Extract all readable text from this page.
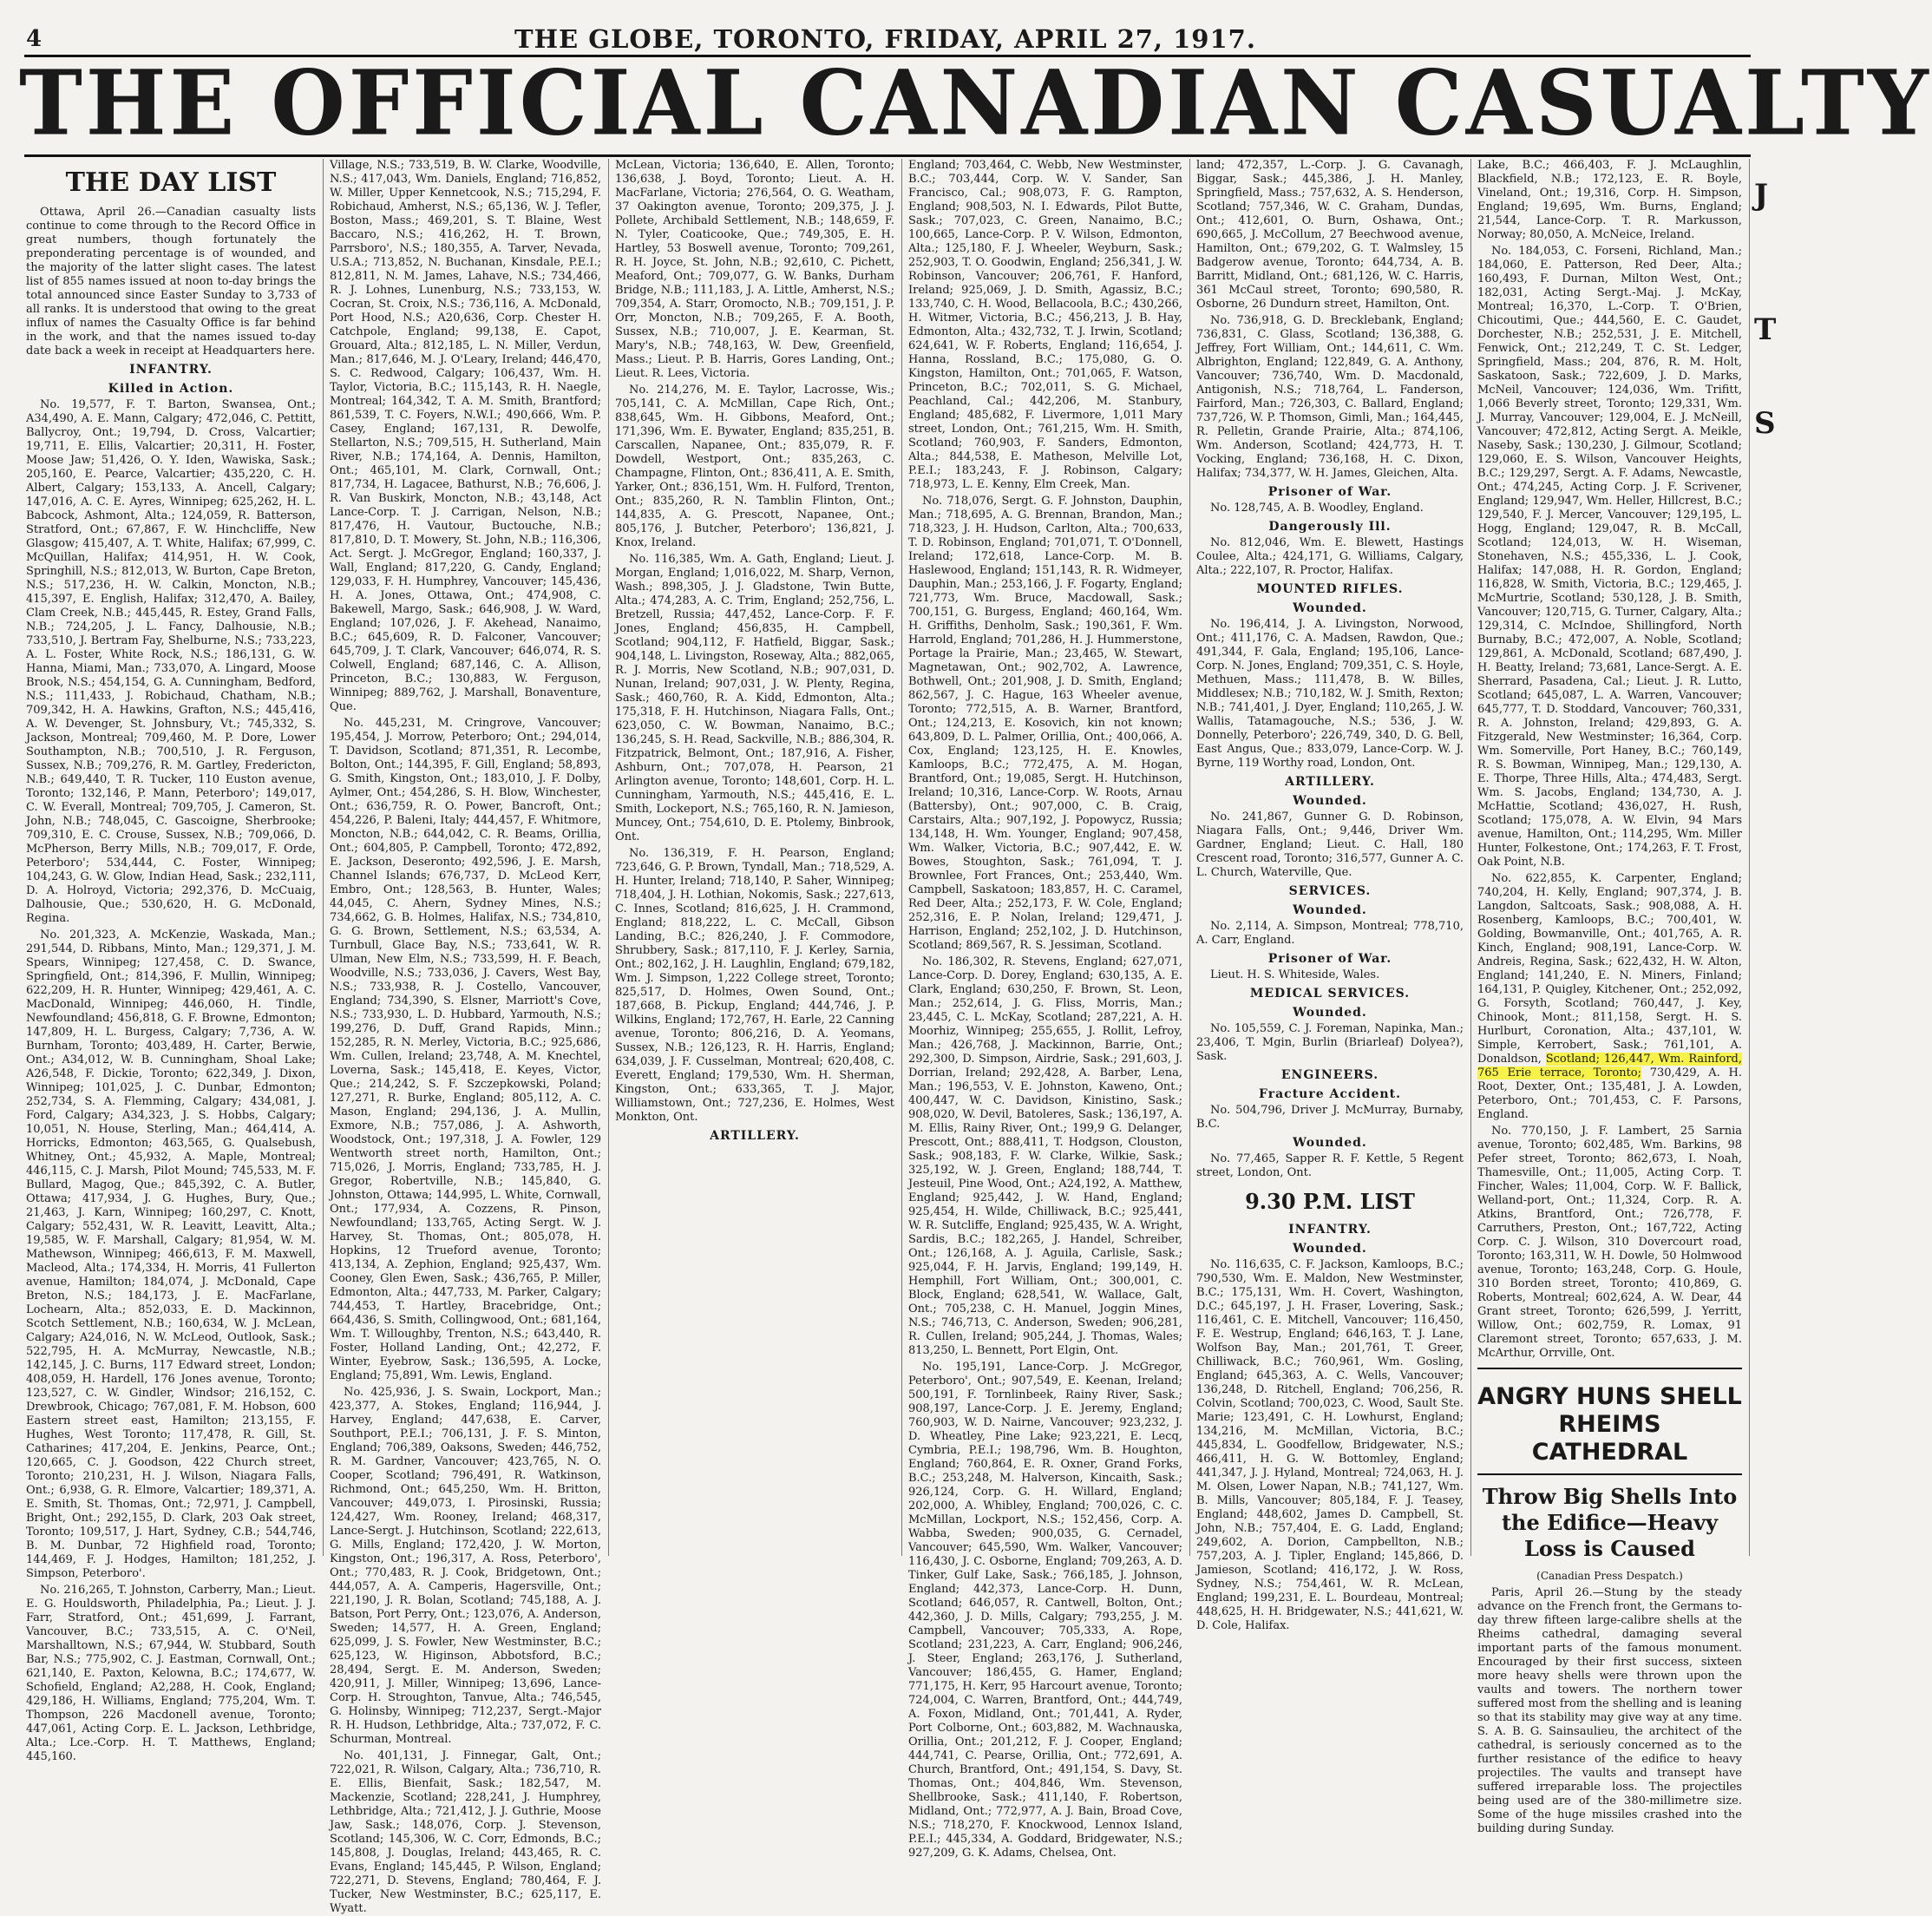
4	THE GLOBE, TORONTO, FRIDAY, APRIL 27, 1917.
THE OFFICIAL CANADIAN CASUALTY
J
T
S
THE DAY LIST

Ottawa, April 26.—Canadian casualty lists continue to come through to the Record Office in great numbers, though fortunately the preponderating percentage is of wounded, and the majority of the latter slight cases. The latest list of 855 names issued at noon to-day brings the total announced since Easter Sunday to 3,733 of all ranks. It is understood that owing to the great influx of names the Casualty Office is far behind in the work, and that the names issued to-day date back a week in receipt at Headquarters here.

INFANTRY.
Killed in Action.

No. 19,577, F. T. Barton, Swansea, Ont.; A34,490, A. E. Mann, Calgary; 472,046, C. Pettitt, Ballycroy, Ont.; 19,794, D. Cross, Valcartier; 19,711, E. Ellis, Valcartier; 20,311, H. Foster, Moose Jaw; 51,426, O. Y. Iden, Wawiska, Sask.; 205,160, E. Pearce, Valcartier; 435,220, C. H. Albert, Calgary; 153,133, A. Ancell, Calgary; 147,016, A. C. E. Ayres, Winnipeg; 625,262, H. L. Babcock, Ashmont, Alta.; 124,059, R. Batterson, Stratford, Ont.; 67,867, F. W. Hinchcliffe, New Glasgow; 415,407, A. T. White, Halifax; 67,999, C. McQuillan, Halifax; 414,951, H. W. Cook, Springhill, N.S.; 812,013, W. Burton, Cape Breton, N.S.; 517,236, H. W. Calkin, Moncton, N.B.; 415,397, E. English, Halifax; 312,470, A. Bailey, Clam Creek, N.B.; 445,445, R. Estey, Grand Falls, N.B.; 724,205, J. L. Fancy, Dalhousie, N.B.; 733,510, J. Bertram Fay, Shelburne, N.S.; 733,223, A. L. Foster, White Rock, N.S.; 186,131, G. W. Hanna, Miami, Man.; 733,070, A. Lingard, Moose Brook, N.S.; 454,154, G. A. Cunningham, Bedford, N.S.; 111,433, J. Robichaud, Chatham, N.B.; 709,342, H. A. Hawkins, Grafton, N.S.; 445,416, A. W. Devenger, St. Johnsbury, Vt.; 745,332, S. Jackson, Montreal; 709,460, M. P. Dore, Lower Southampton, N.B.; 700,510, J. R. Ferguson, Sussex, N.B.; 709,276, R. M. Gartley, Fredericton, N.B.; 649,440, T. R. Tucker, 110 Euston avenue, Toronto; 132,146, P. Mann, Peterboro'; 149,017, C. W. Everall, Montreal; 709,705, J. Cameron, St. John, N.B.; 748,045, C. Gascoigne, Sherbrooke; 709,310, E. C. Crouse, Sussex, N.B.; 709,066, D. McPherson, Berry Mills, N.B.; 709,017, F. Orde, Peterboro'; 534,444, C. Foster, Winnipeg; 104,243, G. W. Glow, Indian Head, Sask.; 232,111, D. A. Holroyd, Victoria; 292,376, D. McCuaig, Dalhousie, Que.; 530,620, H. G. McDonald, Regina.

No. 201,323, A. McKenzie, Waskada, Man.; 291,544, D. Ribbans, Minto, Man.; 129,371, J. M. Spears, Winnipeg; 127,458, C. D. Swance, Springfield, Ont.; 814,396, F. Mullin, Winnipeg; 622,209, H. R. Hunter, Winnipeg; 429,461, A. C. MacDonald, Winnipeg; 446,060, H. Tindle, Newfoundland; 456,818, G. F. Browne, Edmonton; 147,809, H. L. Burgess, Calgary; 7,736, A. W. Burnham, Toronto; 403,489, H. Carter, Berwie, Ont.; A34,012, W. B. Cunningham, Shoal Lake; A26,548, F. Dickie, Toronto; 622,349, J. Dixon, Winnipeg; 101,025, J. C. Dunbar, Edmonton; 252,734, S. A. Flemming, Calgary; 434,081, J. Ford, Calgary; A34,323, J. S. Hobbs, Calgary; 10,051, N. House, Sterling, Man.; 464,414, A. Horricks, Edmonton; 463,565, G. Qualsebush, Whitney, Ont.; 45,932, A. Maple, Montreal; 446,115, C. J. Marsh, Pilot Mound; 745,533, M. F. Bullard, Magog, Que.; 845,392, C. A. Butler, Ottawa; 417,934, J. G. Hughes, Bury, Que.; 21,463, J. Karn, Winnipeg; 160,297, C. Knott, Calgary; 552,431, W. R. Leavitt, Leavitt, Alta.; 19,585, W. F. Marshall, Calgary; 81,954, W. M. Mathewson, Winnipeg; 466,613, F. M. Maxwell, Macleod, Alta.; 174,334, H. Morris, 41 Fullerton avenue, Hamilton; 184,074, J. McDonald, Cape Breton, N.S.; 184,173, J. E. MacFarlane, Lochearn, Alta.; 852,033, E. D. Mackinnon, Scotch Settlement, N.B.; 160,634, W. J. McLean, Calgary; A24,016, N. W. McLeod, Outlook, Sask.; 522,795, H. A. McMurray, Newcastle, N.B.; 142,145, J. C. Burns, 117 Edward street, London; 408,059, H. Hardell, 176 Jones avenue, Toronto; 123,527, C. W. Gindler, Windsor; 216,152, C. Drewbrook, Chicago; 767,081, F. M. Hobson, 600 Eastern street east, Hamilton; 213,155, F. Hughes, West Toronto; 117,478, R. Gill, St. Catharines; 417,204, E. Jenkins, Pearce, Ont.; 120,665, C. J. Goodson, 422 Church street, Toronto; 210,231, H. J. Wilson, Niagara Falls, Ont.; 6,938, G. R. Elmore, Valcartier; 189,371, A. E. Smith, St. Thomas, Ont.; 72,971, J. Campbell, Bright, Ont.; 292,155, D. Clark, 203 Oak street, Toronto; 109,517, J. Hart, Sydney, C.B.; 544,746, B. M. Dunbar, 72 Highfield road, Toronto; 144,469, F. J. Hodges, Hamilton; 181,252, J. Simpson, Peterboro'.

No. 216,265, T. Johnston, Carberry, Man.; Lieut. E. G. Houldsworth, Philadelphia, Pa.; Lieut. J. J. Farr, Stratford, Ont.; 451,699, J. Farrant, Vancouver, B.C.; 733,515, A. C. O'Neil, Marshalltown, N.S.; 67,944, W. Stubbard, South Bar, N.S.; 775,902, C. J. Eastman, Cornwall, Ont.; 621,140, E. Paxton, Kelowna, B.C.; 174,677, W. Schofield, England; A2,288, H. Cook, England; 429,186, H. Williams, England; 775,204, Wm. T. Thompson, 226 Macdonell avenue, Toronto; 447,061, Acting Corp. E. L. Jackson, Lethbridge, Alta.; Lce.-Corp. H. T. Matthews, England; 445,160.

Village, N.S.; 733,519, B. W. Clarke, Woodville, N.S.; 417,043, Wm. Daniels, England; 716,852, W. Miller, Upper Kennetcook, N.S.; 715,294, F. Robichaud, Amherst, N.S.; 65,136, W. J. Tefler, Boston, Mass.; 469,201, S. T. Blaine, West Baccaro, N.S.; 416,262, H. T. Brown, Parrsboro', N.S.; 180,355, A. Tarver, Nevada, U.S.A.; 713,852, N. Buchanan, Kinsdale, P.E.I.; 812,811, N. M. James, Lahave, N.S.; 734,466, R. J. Lohnes, Lunenburg, N.S.; 733,153, W. Cocran, St. Croix, N.S.; 736,116, A. McDonald, Port Hood, N.S.; A20,636, Corp. Chester H. Catchpole, England; 99,138, E. Capot, Grouard, Alta.; 812,185, L. N. Miller, Verdun, Man.; 817,646, M. J. O'Leary, Ireland; 446,470, S. C. Redwood, Calgary; 106,437, Wm. H. Taylor, Victoria, B.C.; 115,143, R. H. Naegle, Montreal; 164,342, T. A. M. Smith, Brantford; 861,539, T. C. Foyers, N.W.I.; 490,666, Wm. P. Casey, England; 167,131, R. Dewolfe, Stellarton, N.S.; 709,515, H. Sutherland, Main River, N.B.; 174,164, A. Dennis, Hamilton, Ont.; 465,101, M. Clark, Cornwall, Ont.; 817,734, H. Lagacee, Bathurst, N.B.; 76,606, J. R. Van Buskirk, Moncton, N.B.; 43,148, Act Lance-Corp. T. J. Carrigan, Nelson, N.B.; 817,476, H. Vautour, Buctouche, N.B.; 817,810, D. T. Mowery, St. John, N.B.; 116,306, Act. Sergt. J. McGregor, England; 160,337, J. Wall, England; 817,220, G. Candy, England; 129,033, F. H. Humphrey, Vancouver; 145,436, H. A. Jones, Ottawa, Ont.; 474,908, C. Bakewell, Margo, Sask.; 646,908, J. W. Ward, England; 107,026, J. F. Akehead, Nanaimo, B.C.; 645,609, R. D. Falconer, Vancouver; 645,709, J. T. Clark, Vancouver; 646,074, R. S. Colwell, England; 687,146, C. A. Allison, Princeton, B.C.; 130,883, W. Ferguson, Winnipeg; 889,762, J. Marshall, Bonaventure, Que.

No. 445,231, M. Cringrove, Vancouver; 195,454, J. Morrow, Peterboro; Ont.; 294,014, T. Davidson, Scotland; 871,351, R. Lecombe, Bolton, Ont.; 144,395, F. Gill, England; 58,893, G. Smith, Kingston, Ont.; 183,010, J. F. Dolby, Aylmer, Ont.; 454,286, S. H. Blow, Winchester, Ont.; 636,759, R. O. Power, Bancroft, Ont.; 454,226, P. Baleni, Italy; 444,457, F. Whitmore, Moncton, N.B.; 644,042, C. R. Beams, Orillia, Ont.; 604,805, P. Campbell, Toronto; 472,892, E. Jackson, Deseronto; 492,596, J. E. Marsh, Channel Islands; 676,737, D. McLeod Kerr, Embro, Ont.; 128,563, B. Hunter, Wales; 44,045, C. Ahern, Sydney Mines, N.S.; 734,662, G. B. Holmes, Halifax, N.S.; 734,810, G. G. Brown, Settlement, N.S.; 63,534, A. Turnbull, Glace Bay, N.S.; 733,641, W. R. Ulman, New Elm, N.S.; 733,599, H. F. Beach, Woodville, N.S.; 733,036, J. Cavers, West Bay, N.S.; 733,938, R. J. Costello, Vancouver, England; 734,390, S. Elsner, Marriott's Cove, N.S.; 733,930, L. D. Hubbard, Yarmouth, N.S.; 199,276, D. Duff, Grand Rapids, Minn.; 152,285, R. N. Merley, Victoria, B.C.; 925,686, Wm. Cullen, Ireland; 23,748, A. M. Knechtel, Loverna, Sask.; 145,418, E. Keyes, Victor, Que.; 214,242, S. F. Szczepkowski, Poland; 127,271, R. Burke, England; 805,112, A. C. Mason, England; 294,136, J. A. Mullin, Exmore, N.B.; 757,086, J. A. Ashworth, Woodstock, Ont.; 197,318, J. A. Fowler, 129 Wentworth street north, Hamilton, Ont.; 715,026, J. Morris, England; 733,785, H. J. Gregor, Robertville, N.B.; 145,840, G. Johnston, Ottawa; 144,995, L. White, Cornwall, Ont.; 177,934, A. Cozzens, R. Pinson, Newfoundland; 133,765, Acting Sergt. W. J. Harvey, St. Thomas, Ont.; 805,078, H. Hopkins, 12 Trueford avenue, Toronto; 413,134, A. Zephion, England; 925,437, Wm. Cooney, Glen Ewen, Sask.; 436,765, P. Miller, Edmonton, Alta.; 447,733, M. Parker, Calgary; 744,453, T. Hartley, Bracebridge, Ont.; 664,436, S. Smith, Collingwood, Ont.; 681,164, Wm. T. Willoughby, Trenton, N.S.; 643,440, R. Foster, Holland Landing, Ont.; 42,272, F. Winter, Eyebrow, Sask.; 136,595, A. Locke, England; 75,891, Wm. Lewis, England.

No. 425,936, J. S. Swain, Lockport, Man.; 423,377, A. Stokes, England; 116,944, J. Harvey, England; 447,638, E. Carver, Southport, P.E.I.; 706,131, J. F. S. Minton, England; 706,389, Oaksons, Sweden; 446,752, R. M. Gardner, Vancouver; 423,765, N. O. Cooper, Scotland; 796,491, R. Watkinson, Richmond, Ont.; 645,250, Wm. H. Britton, Vancouver; 449,073, I. Pirosinski, Russia; 124,427, Wm. Rooney, Ireland; 468,317, Lance-Sergt. J. Hutchinson, Scotland; 222,613, G. Mills, England; 172,420, J. W. Morton, Kingston, Ont.; 196,317, A. Ross, Peterboro', Ont.; 770,483, R. J. Cook, Bridgetown, Ont.; 444,057, A. A. Camperis, Hagersville, Ont.; 221,190, J. R. Bolan, Scotland; 745,188, A. J. Batson, Port Perry, Ont.; 123,076, A. Anderson, Sweden; 14,577, H. A. Green, England; 625,099, J. S. Fowler, New Westminster, B.C.; 625,123, W. Higinson, Abbotsford, B.C.; 28,494, Sergt. E. M. Anderson, Sweden; 420,911, J. Miller, Winnipeg; 13,696, Lance-Corp. H. Stroughton, Tanvue, Alta.; 746,545, G. Holinsby, Winnipeg; 712,237, Sergt.-Major R. H. Hudson, Lethbridge, Alta.; 737,072, F. C. Schurman, Montreal.

No. 401,131, J. Finnegar, Galt, Ont.; 722,021, R. Wilson, Calgary, Alta.; 736,710, R. E. Ellis, Bienfait, Sask.; 182,547, M. Mackenzie, Scotland; 228,241, J. Humphrey, Lethbridge, Alta.; 721,412, J. J. Guthrie, Moose Jaw, Sask.; 148,076, Corp. J. Stevenson, Scotland; 145,306, W. C. Corr, Edmonds, B.C.; 145,808, J. Douglas, Ireland; 443,465, R. C. Evans, England; 145,445, P. Wilson, England; 722,271, D. Stevens, England; 780,464, F. J. Tucker, New Westminster, B.C.; 625,117, E. Wyatt.

McLean, Victoria; 136,640, E. Allen, Toronto; 136,638, J. Boyd, Toronto; Lieut. A. H. MacFarlane, Victoria; 276,564, O. G. Weatham, 37 Oakington avenue, Toronto; 209,375, J. J. Pollete, Archibald Settlement, N.B.; 148,659, F. N. Tyler, Coaticooke, Que.; 749,305, E. H. Hartley, 53 Boswell avenue, Toronto; 709,261, R. H. Joyce, St. John, N.B.; 92,610, C. Pichett, Meaford, Ont.; 709,077, G. W. Banks, Durham Bridge, N.B.; 111,183, J. A. Little, Amherst, N.S.; 709,354, A. Starr, Oromocto, N.B.; 709,151, J. P. Orr, Moncton, N.B.; 709,265, F. A. Booth, Sussex, N.B.; 710,007, J. E. Kearman, St. Mary's, N.B.; 748,163, W. Dew, Greenfield, Mass.; Lieut. P. B. Harris, Gores Landing, Ont.; Lieut. R. Lees, Victoria.

No. 214,276, M. E. Taylor, Lacrosse, Wis.; 705,141, C. A. McMillan, Cape Rich, Ont.; 838,645, Wm. H. Gibbons, Meaford, Ont.; 171,396, Wm. E. Bywater, England; 835,251, B. Carscallen, Napanee, Ont.; 835,079, R. F. Dowdell, Westport, Ont.; 835,263, C. Champagne, Flinton, Ont.; 836,411, A. E. Smith, Yarker, Ont.; 836,151, Wm. H. Fulford, Trenton, Ont.; 835,260, R. N. Tamblin Flinton, Ont.; 144,835, A. G. Prescott, Napanee, Ont.; 805,176, J. Butcher, Peterboro'; 136,821, J. Knox, Ireland.

No. 116,385, Wm. A. Gath, England; Lieut. J. Morgan, England; 1,016,022, M. Sharp, Vernon, Wash.; 898,305, J. J. Gladstone, Twin Butte, Alta.; 474,283, A. C. Trim, England; 252,756, L. Bretzell, Russia; 447,452, Lance-Corp. F. F. Jones, England; 456,835, H. Campbell, Scotland; 904,112, F. Hatfield, Biggar, Sask.; 904,148, L. Livingston, Roseway, Alta.; 882,065, R. J. Morris, New Scotland, N.B.; 907,031, D. Nunan, Ireland; 907,031, J. W. Plenty, Regina, Sask.; 460,760, R. A. Kidd, Edmonton, Alta.; 175,318, F. H. Hutchinson, Niagara Falls, Ont.; 623,050, C. W. Bowman, Nanaimo, B.C.; 136,245, S. H. Read, Sackville, N.B.; 886,304, R. Fitzpatrick, Belmont, Ont.; 187,916, A. Fisher, Ashburn, Ont.; 707,078, H. Pearson, 21 Arlington avenue, Toronto; 148,601, Corp. H. L. Cunningham, Yarmouth, N.S.; 445,416, E. L. Smith, Lockeport, N.S.; 765,160, R. N. Jamieson, Muncey, Ont.; 754,610, D. E. Ptolemy, Binbrook, Ont.

No. 136,319, F. H. Pearson, England; 723,646, G. P. Brown, Tyndall, Man.; 718,529, A. H. Hunter, Ireland; 718,140, P. Saher, Winnipeg; 718,404, J. H. Lothian, Nokomis, Sask.; 227,613, C. Innes, Scotland; 816,625, J. H. Crammond, England; 818,222, L. C. McCall, Gibson Landing, B.C.; 826,240, J. F. Commodore, Shrubbery, Sask.; 817,110, F. J. Kerley, Sarnia, Ont.; 802,162, J. H. Laughlin, England; 679,182, Wm. J. Simpson, 1,222 College street, Toronto; 825,517, D. Holmes, Owen Sound, Ont.; 187,668, B. Pickup, England; 444,746, J. P. Wilkins, England; 172,767, H. Earle, 22 Canning avenue, Toronto; 806,216, D. A. Yeomans, Sussex, N.B.; 126,123, R. H. Harris, England; 634,039, J. F. Cusselman, Montreal; 620,408, C. Everett, England; 179,530, Wm. H. Sherman, Kingston, Ont.; 633,365, T. J. Major, Williamstown, Ont.; 727,236, E. Holmes, West Monkton, Ont.

ARTILLERY.

England; 703,464, C. Webb, New Westminster, B.C.; 703,444, Corp. W. V. Sander, San Francisco, Cal.; 908,073, F. G. Rampton, England; 908,503, N. I. Edwards, Pilot Butte, Sask.; 707,023, C. Green, Nanaimo, B.C.; 100,665, Lance-Corp. P. V. Wilson, Edmonton, Alta.; 125,180, F. J. Wheeler, Weyburn, Sask.; 252,903, T. O. Goodwin, England; 256,341, J. W. Robinson, Vancouver; 206,761, F. Hanford, Ireland; 925,069, J. D. Smith, Agassiz, B.C.; 133,740, C. H. Wood, Bellacoola, B.C.; 430,266, H. Witmer, Victoria, B.C.; 456,213, J. B. Hay, Edmonton, Alta.; 432,732, T. J. Irwin, Scotland; 624,641, W. F. Roberts, England; 116,654, J. Hanna, Rossland, B.C.; 175,080, G. O. Kingston, Hamilton, Ont.; 701,065, F. Watson, Princeton, B.C.; 702,011, S. G. Michael, Peachland, Cal.; 442,206, M. Stanbury, England; 485,682, F. Livermore, 1,011 Mary street, London, Ont.; 761,215, Wm. H. Smith, Scotland; 760,903, F. Sanders, Edmonton, Alta.; 844,538, E. Matheson, Melville Lot, P.E.I.; 183,243, F. J. Robinson, Calgary; 718,973, L. E. Kenny, Elm Creek, Man.

No. 718,076, Sergt. G. F. Johnston, Dauphin, Man.; 718,695, A. G. Brennan, Brandon, Man.; 718,323, J. H. Hudson, Carlton, Alta.; 700,633, T. D. Robinson, England; 701,071, T. O'Donnell, Ireland; 172,618, Lance-Corp. M. B. Haslewood, England; 151,143, R. R. Widmeyer, Dauphin, Man.; 253,166, J. F. Fogarty, England; 721,773, Wm. Bruce, Macdowall, Sask.; 700,151, G. Burgess, England; 460,164, Wm. H. Griffiths, Denholm, Sask.; 190,361, F. Wm. Harrold, England; 701,286, H. J. Hummerstone, Portage la Prairie, Man.; 23,465, W. Stewart, Magnetawan, Ont.; 902,702, A. Lawrence, Bothwell, Ont.; 201,908, J. D. Smith, England; 862,567, J. C. Hague, 163 Wheeler avenue, Toronto; 772,515, A. B. Warner, Brantford, Ont.; 124,213, E. Kosovich, kin not known; 643,809, D. L. Palmer, Orillia, Ont.; 400,066, A. Cox, England; 123,125, H. E. Knowles, Kamloops, B.C.; 772,475, A. M. Hogan, Brantford, Ont.; 19,085, Sergt. H. Hutchinson, Ireland; 10,316, Lance-Corp. W. Roots, Arnau (Battersby), Ont.; 907,000, C. B. Craig, Carstairs, Alta.; 907,192, J. Popowycz, Russia; 134,148, H. Wm. Younger, England; 907,458, Wm. Walker, Victoria, B.C.; 907,442, E. W. Bowes, Stoughton, Sask.; 761,094, T. J. Brownlee, Fort Frances, Ont.; 253,440, Wm. Campbell, Saskatoon; 183,857, H. C. Caramel, Red Deer, Alta.; 252,173, F. W. Cole, England; 252,316, E. P. Nolan, Ireland; 129,471, J. Harrison, England; 252,102, J. D. Hutchinson, Scotland; 869,567, R. S. Jessiman, Scotland.

No. 186,302, R. Stevens, England; 627,071, Lance-Corp. D. Dorey, England; 630,135, A. E. Clark, England; 630,250, F. Brown, St. Leon, Man.; 252,614, J. G. Fliss, Morris, Man.; 23,445, C. L. McKay, Scotland; 287,221, A. H. Moorhiz, Winnipeg; 255,655, J. Rollit, Lefroy, Man.; 426,768, J. Mackinnon, Barrie, Ont.; 292,300, D. Simpson, Airdrie, Sask.; 291,603, J. Dorrian, Ireland; 292,428, A. Barber, Lena, Man.; 196,553, V. E. Johnston, Kaweno, Ont.; 400,447, W. C. Davidson, Kinistino, Sask.; 908,020, W. Devil, Batoleres, Sask.; 136,197, A. M. Ellis, Rainy River, Ont.; 199,9 G. Delanger, Prescott, Ont.; 888,411, T. Hodgson, Clouston, Sask.; 908,183, F. W. Clarke, Wilkie, Sask.; 325,192, W. J. Green, England; 188,744, T. Jesteuil, Pine Wood, Ont.; A24,192, A. Matthew, England; 925,442, J. W. Hand, England; 925,454, H. Wilde, Chilliwack, B.C.; 925,441, W. R. Sutcliffe, England; 925,435, W. A. Wright, Sardis, B.C.; 182,265, J. Handel, Schreiber, Ont.; 126,168, A. J. Aguila, Carlisle, Sask.; 925,044, F. H. Jarvis, England; 199,149, H. Hemphill, Fort William, Ont.; 300,001, C. Block, England; 628,541, W. Wallace, Galt, Ont.; 705,238, C. H. Manuel, Joggin Mines, N.S.; 746,713, C. Anderson, Sweden; 906,281, R. Cullen, Ireland; 905,244, J. Thomas, Wales; 813,250, L. Bennett, Port Elgin, Ont.

No. 195,191, Lance-Corp. J. McGregor, Peterboro', Ont.; 907,549, E. Keenan, Ireland; 500,191, F. Tornlinbeek, Rainy River, Sask.; 908,197, Lance-Corp. J. E. Jeremy, England; 760,903, W. D. Nairne, Vancouver; 923,232, J. D. Wheatley, Pine Lake; 923,221, E. Lecq, Cymbria, P.E.I.; 198,796, Wm. B. Houghton, England; 760,864, E. R. Oxner, Grand Forks, B.C.; 253,248, M. Halverson, Kincaith, Sask.; 926,124, Corp. G. H. Willard, England; 202,000, A. Whibley, England; 700,026, C. C. McMillan, Lockport, N.S.; 152,456, Corp. A. Wabba, Sweden; 900,035, G. Cernadel, Vancouver; 645,590, Wm. Walker, Vancouver; 116,430, J. C. Osborne, England; 709,263, A. D. Tinker, Gulf Lake, Sask.; 766,185, J. Johnson, England; 442,373, Lance-Corp. H. Dunn, Scotland; 646,057, R. Cantwell, Bolton, Ont.; 442,360, J. D. Mills, Calgary; 793,255, J. M. Campbell, Vancouver; 705,333, A. Rope, Scotland; 231,223, A. Carr, England; 906,246, J. Steer, England; 263,176, J. Sutherland, Vancouver; 186,455, G. Hamer, England; 771,175, H. Kerr, 95 Harcourt avenue, Toronto; 724,004, C. Warren, Brantford, Ont.; 444,749, A. Foxon, Midland, Ont.; 701,441, A. Ryder, Port Colborne, Ont.; 603,882, M. Wachnauska, Orillia, Ont.; 201,212, F. J. Cooper, England; 444,741, C. Pearse, Orillia, Ont.; 772,691, A. Church, Brantford, Ont.; 491,154, S. Davy, St. Thomas, Ont.; 404,846, Wm. Stevenson, Shellbrooke, Sask.; 411,140, F. Robertson, Midland, Ont.; 772,977, A. J. Bain, Broad Cove, N.S.; 718,270, F. Knockwood, Lennox Island, P.E.I.; 445,334, A. Goddard, Bridgewater, N.S.; 927,209, G. K. Adams, Chelsea, Ont.

land; 472,357, L.-Corp. J. G. Cavanagh, Biggar, Sask.; 445,386, J. H. Manley, Springfield, Mass.; 757,632, A. S. Henderson, Scotland; 757,346, W. C. Graham, Dundas, Ont.; 412,601, O. Burn, Oshawa, Ont.; 690,665, J. McCollum, 27 Beechwood avenue, Hamilton, Ont.; 679,202, G. T. Walmsley, 15 Badgerow avenue, Toronto; 644,734, A. B. Barritt, Midland, Ont.; 681,126, W. C. Harris, 361 McCaul street, Toronto; 690,580, R. Osborne, 26 Dundurn street, Hamilton, Ont.

No. 736,918, G. D. Brecklebank, England; 736,831, C. Glass, Scotland; 136,388, G. Jeffrey, Fort William, Ont.; 144,611, C. Wm. Albrighton, England; 122,849, G. A. Anthony, Vancouver; 736,740, Wm. D. Macdonald, Antigonish, N.S.; 718,764, L. Fanderson, Fairford, Man.; 726,303, C. Ballard, England; 737,726, W. P. Thomson, Gimli, Man.; 164,445, R. Pelletin, Grande Prairie, Alta.; 874,106, Wm. Anderson, Scotland; 424,773, H. T. Vocking, England; 736,168, H. C. Dixon, Halifax; 734,377, W. H. James, Gleichen, Alta.

Prisoner of War.

No. 128,745, A. B. Woodley, England.

Dangerously Ill.

No. 812,046, Wm. E. Blewett, Hastings Coulee, Alta.; 424,171, G. Williams, Calgary, Alta.; 222,107, R. Proctor, Halifax.

MOUNTED RIFLES.
Wounded.

No. 196,414, J. A. Livingston, Norwood, Ont.; 411,176, C. A. Madsen, Rawdon, Que.; 491,344, F. Gala, England; 195,106, Lance-Corp. N. Jones, England; 709,351, C. S. Hoyle, Methuen, Mass.; 111,478, B. W. Billes, Middlesex; N.B.; 710,182, W. J. Smith, Rexton; N.B.; 741,401, J. Dyer, England; 110,265, J. W. Wallis, Tatamagouche, N.S.; 536, J. W. Donnelly, Peterboro'; 226,749, 340, D. G. Bell, East Angus, Que.; 833,079, Lance-Corp. W. J. Byrne, 119 Worthy road, London, Ont.

ARTILLERY.
Wounded.

No. 241,867, Gunner G. D. Robinson, Niagara Falls, Ont.; 9,446, Driver Wm. Gardner, England; Lieut. C. Hall, 180 Crescent road, Toronto; 316,577, Gunner A. C. L. Church, Waterville, Que.

SERVICES.
Wounded.

No. 2,114, A. Simpson, Montreal; 778,710, A. Carr, England.

Prisoner of War.

Lieut. H. S. Whiteside, Wales.

MEDICAL SERVICES.
Wounded.

No. 105,559, C. J. Foreman, Napinka, Man.; 23,406, T. Mgin, Burlin (Briarleaf) Dolyea?), Sask.

ENGINEERS.
Fracture Accident.

No. 504,796, Driver J. McMurray, Burnaby, B.C.

Wounded.

No. 77,465, Sapper R. F. Kettle, 5 Regent street, London, Ont.

9.30 P.M. LIST
INFANTRY.
Wounded.

No. 116,635, C. F. Jackson, Kamloops, B.C.; 790,530, Wm. E. Maldon, New Westminster, B.C.; 175,131, Wm. H. Covert, Washington, D.C.; 645,197, J. H. Fraser, Lovering, Sask.; 116,461, C. E. Mitchell, Vancouver; 116,450, F. E. Westrup, England; 646,163, T. J. Lane, Wolfson Bay, Man.; 201,761, T. Greer, Chilliwack, B.C.; 760,961, Wm. Gosling, England; 645,363, A. C. Wells, Vancouver; 136,248, D. Ritchell, England; 706,256, R. Colvin, Scotland; 700,023, C. Wood, Sault Ste. Marie; 123,491, C. H. Lowhurst, England; 134,216, M. McMillan, Victoria, B.C.; 445,834, L. Goodfellow, Bridgewater, N.S.; 466,411, H. G. W. Bottomley, England; 441,347, J. J. Hyland, Montreal; 724,063, H. J. M. Olsen, Lower Napan, N.B.; 741,127, Wm. B. Mills, Vancouver; 805,184, F. J. Teasey, England; 448,602, James D. Campbell, St. John, N.B.; 757,404, E. G. Ladd, England; 249,602, A. Dorion, Campbellton, N.B.; 757,203, A. J. Tipler, England; 145,866, D. Jamieson, Scotland; 416,172, J. W. Ross, Sydney, N.S.; 754,461, W. R. McLean, England; 199,231, E. L. Bourdeau, Montreal; 448,625, H. H. Bridgewater, N.S.; 441,621, W. D. Cole, Halifax.

Lake, B.C.; 466,403, F. J. McLaughlin, Blackfield, N.B.; 172,123, E. R. Boyle, Vineland, Ont.; 19,316, Corp. H. Simpson, England; 19,695, Wm. Burns, England; 21,544, Lance-Corp. T. R. Markusson, Norway; 80,050, A. McNeice, Ireland.

No. 184,053, C. Forseni, Richland, Man.; 184,060, E. Patterson, Red Deer, Alta.; 160,493, F. Durnan, Milton West, Ont.; 182,031, Acting Sergt.-Maj. J. McKay, Montreal; 16,370, L.-Corp. T. O'Brien, Chicoutimi, Que.; 444,560, E. C. Gaudet, Dorchester, N.B.; 252,531, J. E. Mitchell, Fenwick, Ont.; 212,249, T. C. St. Ledger, Springfield, Mass.; 204, 876, R. M. Holt, Saskatoon, Sask.; 722,609, J. D. Marks, McNeil, Vancouver; 124,036, Wm. Trifitt, 1,066 Beverly street, Toronto; 129,331, Wm. J. Murray, Vancouver; 129,004, E. J. McNeill, Vancouver; 472,812, Acting Sergt. A. Meikle, Naseby, Sask.; 130,230, J. Gilmour, Scotland; 129,060, E. S. Wilson, Vancouver Heights, B.C.; 129,297, Sergt. A. F. Adams, Newcastle, Ont.; 474,245, Acting Corp. J. F. Scrivener, England; 129,947, Wm. Heller, Hillcrest, B.C.; 129,540, F. J. Mercer, Vancouver; 129,195, L. Hogg, England; 129,047, R. B. McCall, Scotland; 124,013, W. H. Wiseman, Stonehaven, N.S.; 455,336, L. J. Cook, Halifax; 147,088, H. R. Gordon, England; 116,828, W. Smith, Victoria, B.C.; 129,465, J. McMurtrie, Scotland; 530,128, J. B. Smith, Vancouver; 120,715, G. Turner, Calgary, Alta.; 129,314, C. McIndoe, Shillingford, North Burnaby, B.C.; 472,007, A. Noble, Scotland; 129,861, A. McDonald, Scotland; 687,490, J. H. Beatty, Ireland; 73,681, Lance-Sergt. A. E. Sherrard, Pasadena, Cal.; Lieut. J. R. Lutto, Scotland; 645,087, L. A. Warren, Vancouver; 645,777, T. D. Stoddard, Vancouver; 760,331, R. A. Johnston, Ireland; 429,893, G. A. Fitzgerald, New Westminster; 16,364, Corp. Wm. Somerville, Port Haney, B.C.; 760,149, R. S. Bowman, Winnipeg, Man.; 129,130, A. E. Thorpe, Three Hills, Alta.; 474,483, Sergt. Wm. S. Jacobs, England; 134,730, A. J. McHattie, Scotland; 436,027, H. Rush, Scotland; 175,078, A. W. Elvin, 94 Mars avenue, Hamilton, Ont.; 114,295, Wm. Miller Hunter, Folkestone, Ont.; 174,263, F. T. Frost, Oak Point, N.B.

No. 622,855, K. Carpenter, England; 740,204, H. Kelly, England; 907,374, J. B. Langdon, Saltcoats, Sask.; 908,088, A. H. Rosenberg, Kamloops, B.C.; 700,401, W. Golding, Bowmanville, Ont.; 401,765, A. R. Kinch, England; 908,191, Lance-Corp. W. Andreis, Regina, Sask.; 622,432, H. W. Alton, England; 141,240, E. N. Miners, Finland; 164,131, P. Quigley, Kitchener, Ont.; 252,092, G. Forsyth, Scotland; 760,447, J. Key, Chinook, Mont.; 811,158, Sergt. H. S. Hurlburt, Coronation, Alta.; 437,101, W. Simple, Kerrobert, Sask.; 761,101, A. Donaldson, Scotland; 126,447, Wm. Rainford, 765 Erie terrace, Toronto; 730,429, A. H. Root, Dexter, Ont.; 135,481, J. A. Lowden, Peterboro, Ont.; 701,453, C. F. Parsons, England.

No. 770,150, J. F. Lambert, 25 Sarnia avenue, Toronto; 602,485, Wm. Barkins, 98 Pefer street, Toronto; 862,673, I. Noah, Thamesville, Ont.; 11,005, Acting Corp. T. Fincher, Wales; 11,004, Corp. W. F. Ballick, Welland-port, Ont.; 11,324, Corp. R. A. Atkins, Brantford, Ont.; 726,778, F. Carruthers, Preston, Ont.; 167,722, Acting Corp. C. J. Wilson, 310 Dovercourt road, Toronto; 163,311, W. H. Dowle, 50 Holmwood avenue, Toronto; 163,248, Corp. G. Houle, 310 Borden street, Toronto; 410,869, G. Roberts, Montreal; 602,624, A. W. Dear, 44 Grant street, Toronto; 626,599, J. Yerritt, Willow, Ont.; 602,759, R. Lomax, 91 Claremont street, Toronto; 657,633, J. M. McArthur, Orrville, Ont.

ANGRY HUNS SHELL RHEIMS CATHEDRAL
Throw Big Shells Into the Edifice—Heavy Loss is Caused
(Canadian Press Despatch.)

Paris, April 26.—Stung by the steady advance on the French front, the Germans to-day threw fifteen large-calibre shells at the Rheims cathedral, damaging several important parts of the famous monument. Encouraged by their first success, sixteen more heavy shells were thrown upon the vaults and towers. The northern tower suffered most from the shelling and is leaning so that its stability may give way at any time. S. A. B. G. Sainsaulieu, the architect of the cathedral, is seriously concerned as to the further resistance of the edifice to heavy projectiles. The vaults and transept have suffered irreparable loss. The projectiles being used are of the 380-millimetre size. Some of the huge missiles crashed into the building during Sunday.
